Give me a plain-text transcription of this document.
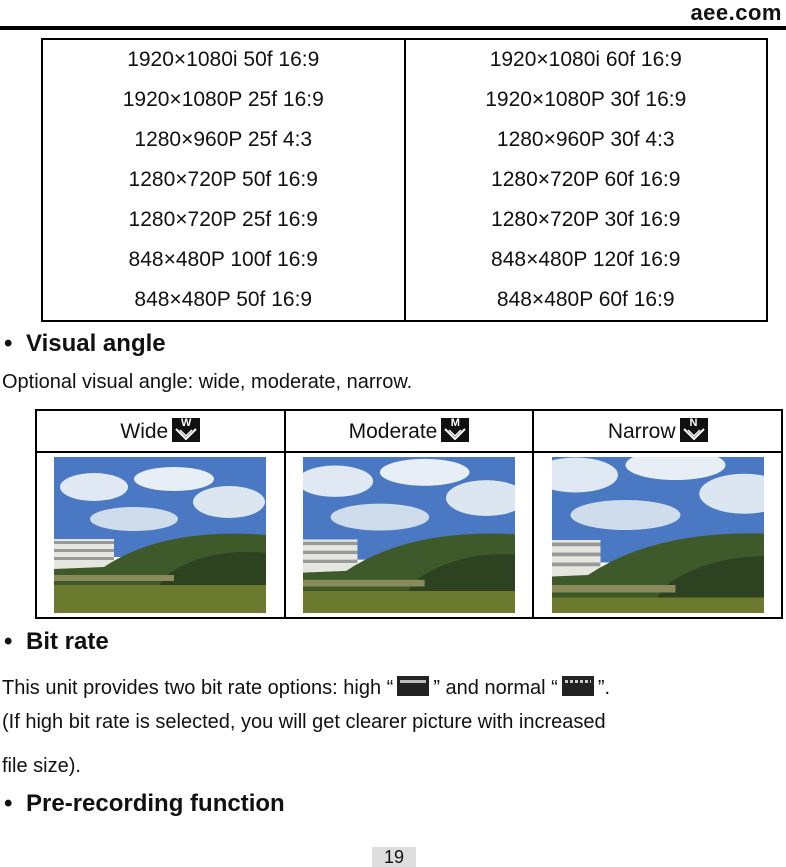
aee.com
1920×1080i 50f 16:9	1920×1080i 60f 16:9
1920×1080P 25f 16:9	1920×1080P 30f 16:9
1280×960P 25f 4:3	1280×960P 30f 4:3
1280×720P 50f 16:9	1280×720P 60f 16:9
1280×720P 25f 16:9	1280×720P 30f 16:9
848×480P 100f 16:9	848×480P 120f 16:9
848×480P 50f 16:9	848×480P 60f 16:9
• Visual angle
Optional visual angle: wide, moderate, narrow.
Wide W	Moderate M	Narrow N

• Bit rate
This unit provides two bit rate options: high “ ” and normal “ ”.
(If high bit rate is selected, you will get clearer picture with increased
file size).
• Pre-recording function
19
